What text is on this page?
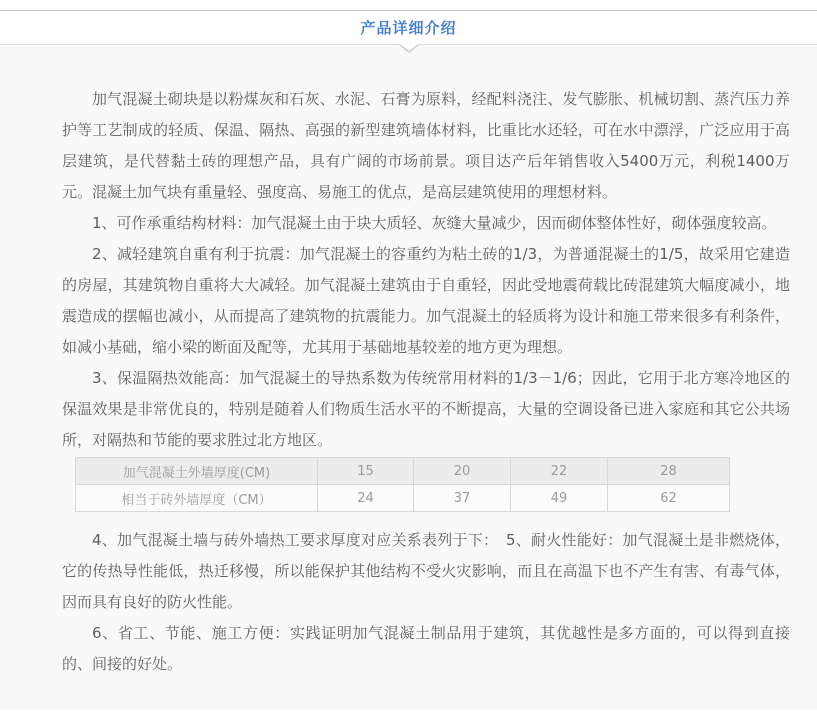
产品详细介绍

加气混凝土砌块是以粉煤灰和石灰、水泥、石膏为原料，经配料浇注、发气膨胀、机械切割、蒸汽压力养护等工艺制成的轻质、保温、隔热、高强的新型建筑墙体材料，比重比水还轻，可在水中漂浮，广泛应用于高层建筑，是代替黏土砖的理想产品，具有广阔的市场前景。项目达产后年销售收入5400万元，利税1400万元。混凝土加气块有重量轻、强度高、易施工的优点，是高层建筑使用的理想材料。

1、可作承重结构材料：加气混凝土由于块大质轻、灰缝大量减少，因而砌体整体性好，砌体强度较高。

2、减轻建筑自重有利于抗震：加气混凝土的容重约为粘土砖的1/3，为普通混凝土的1/5，故采用它建造的房屋，其建筑物自重将大大减轻。加气混凝土建筑由于自重轻，因此受地震荷载比砖混建筑大幅度减小，地震造成的摆幅也减小，从而提高了建筑物的抗震能力。加气混凝土的轻质将为设计和施工带来很多有利条件，如减小基础，缩小梁的断面及配等，尤其用于基础地基较差的地方更为理想。

3、保温隔热效能高：加气混凝土的导热系数为传统常用材料的1/3－1/6；因此，它用于北方寒冷地区的保温效果是非常优良的，特别是随着人们物质生活水平的不断提高，大量的空调设备已进入家庭和其它公共场所，对隔热和节能的要求胜过北方地区。

加气混凝土外墙厚度(CM)	15	20	22	28
相当于砖外墙厚度（CM）	24	37	49	62

4、加气混凝土墙与砖外墙热工要求厚度对应关系表列于下：　5、耐火性能好：加气混凝土是非燃烧体，它的传热导性能低，热迁移慢，所以能保护其他结构不受火灾影响，而且在高温下也不产生有害、有毒气体，因而具有良好的防火性能。

6、省工、节能、施工方便：实践证明加气混凝土制品用于建筑，其优越性是多方面的，可以得到直接的、间接的好处。
